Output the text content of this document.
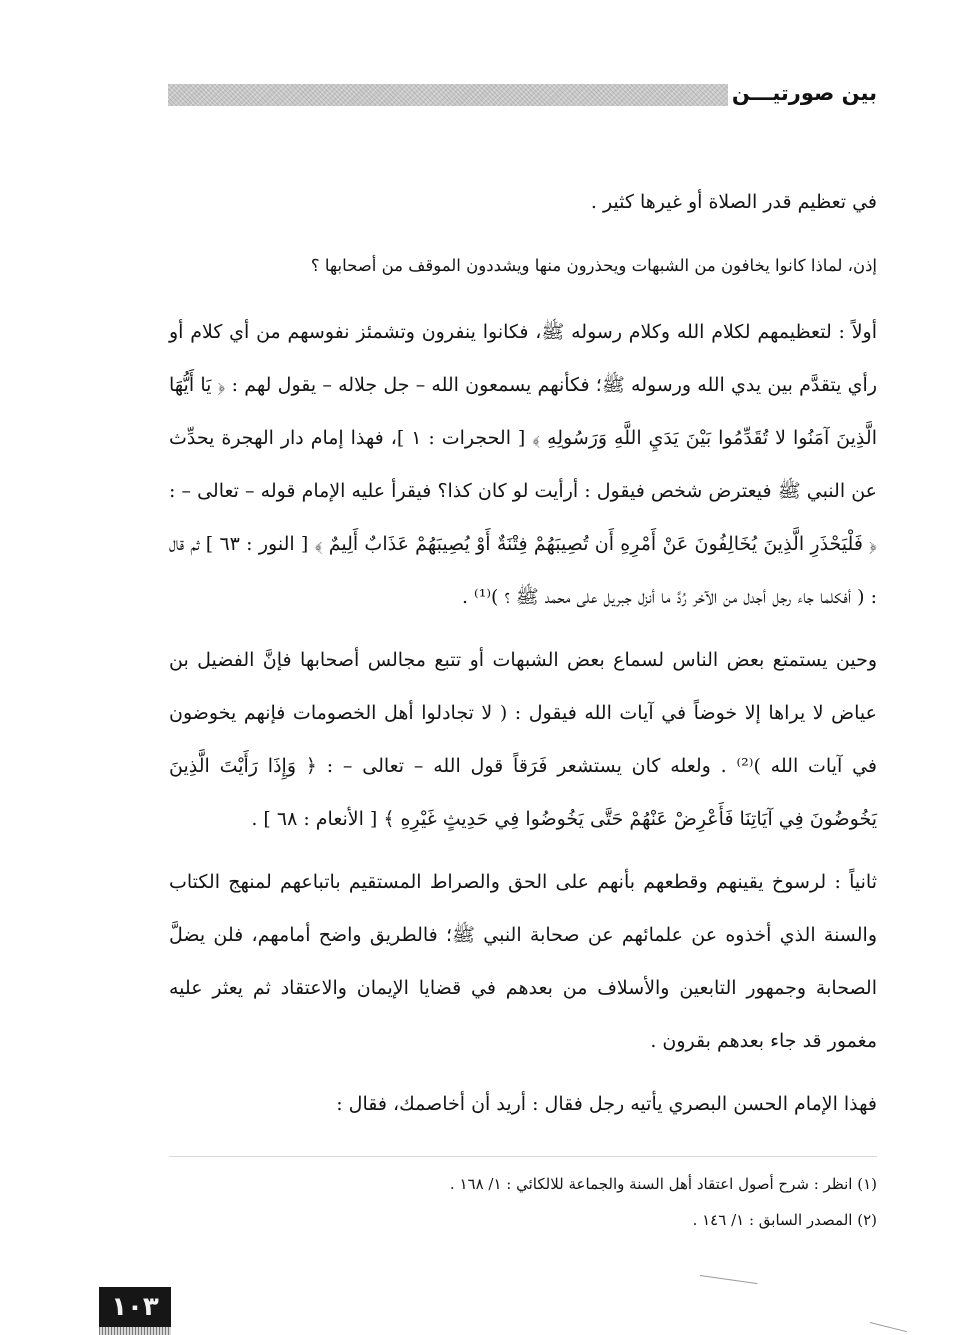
بين صورتيـــن

في تعظيم قدر الصلاة أو غيرها كثير .

إذن، لماذا كانوا يخافون من الشبهات ويحذرون منها ويشددون الموقف من أصحابها ؟

أولاً : لتعظيمهم لكلام الله وكلام رسوله ﷺ، فكانوا ينفرون وتشمئز نفوسهم من أي كلام أو رأي يتقدَّم بين يدي الله ورسوله ﷺ؛ فكأنهم يسمعون الله – جل جلاله – يقول لهم : ﴿ يَا أَيُّهَا الَّذِينَ آمَنُوا لا تُقَدِّمُوا بَيْنَ يَدَيِ اللَّهِ وَرَسُولِهِ ﴾ [ الحجرات : ١ ]، فهذا إمام دار الهجرة يحدِّث عن النبي ﷺ فيعترض شخص فيقول : أرأيت لو كان كذا؟ فيقرأ عليه الإمام قوله – تعالى – : ﴿ فَلْيَحْذَرِ الَّذِينَ يُخَالِفُونَ عَنْ أَمْرِهِ أَن تُصِيبَهُمْ فِتْنَةٌ أَوْ يُصِيبَهُمْ عَذَابٌ أَلِيمٌ ﴾ [ النور : ٦٣ ] ثم قال : ( أفكلما جاء رجل أجدل من الآخر رُدَّ ما أنزل جبريل على محمد ﷺ ؟ )⁽¹⁾ .

وحين يستمتع بعض الناس لسماع بعض الشبهات أو تتبع مجالس أصحابها فإنَّ الفضيل بن عياض لا يراها إلا خوضاً في آيات الله فيقول : ( لا تجادلوا أهل الخصومات فإنهم يخوضون في آيات الله )⁽²⁾ . ولعله كان يستشعر فَرَقاً قول الله – تعالى – : ﴿ وَإِذَا رَأَيْتَ الَّذِينَ يَخُوضُونَ فِي آيَاتِنَا فَأَعْرِضْ عَنْهُمْ حَتَّى يَخُوضُوا فِي حَدِيثٍ غَيْرِهِ ﴾ [ الأنعام : ٦٨ ] .

ثانياً : لرسوخ يقينهم وقطعهم بأنهم على الحق والصراط المستقيم باتباعهم لمنهج الكتاب والسنة الذي أخذوه عن علمائهم عن صحابة النبي ﷺ؛ فالطريق واضح أمامهم، فلن يضلَّ الصحابة وجمهور التابعين والأسلاف من بعدهم في قضايا الإيمان والاعتقاد ثم يعثر عليه مغمور قد جاء بعدهم بقرون .

فهذا الإمام الحسن البصري يأتيه رجل فقال : أريد أن أخاصمك، فقال :

(١) انظر : شرح أصول اعتقاد أهل السنة والجماعة للالكائي : ١/ ١٦٨ .

(٢) المصدر السابق : ١/ ١٤٦ .

١٠٣
